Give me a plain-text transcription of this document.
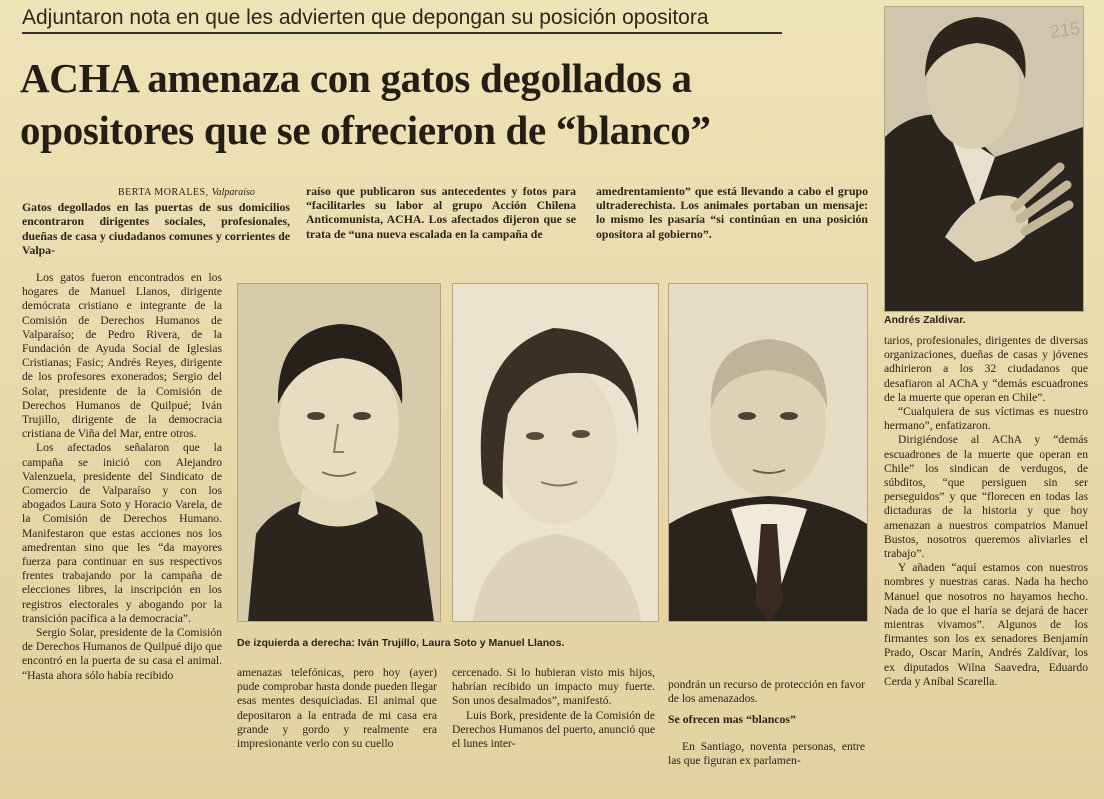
Adjuntaron nota en que les advierten que depongan su posición opositora
ACHA amenaza con gatos degollados a
opositores que se ofrecieron de “blanco”
BERTA MORALES, Valparaíso
Gatos degollados en las puertas de sus domicilios encontraron dirigentes sociales, profesionales, dueñas de casa y ciudadanos comunes y corrientes de Valpa-
raíso que publicaron sus antecedentes y fotos para “facilitarles su labor al grupo Acción Chilena Anticomunista, ACHA. Los afectados dijeron que se trata de “una nueva escalada en la campaña de
amedrentamiento” que está llevando a cabo el grupo ultraderechista. Los animales portaban un mensaje: lo mismo les pasaría “si continúan en una posición opositora al gobierno”.

Los gatos fueron encontrados en los hogares de Manuel Llanos, dirigente demócrata cristiano e integrante de la Comisión de Derechos Humanos de Valparaíso; de Pedro Rivera, de la Fundación de Ayuda Social de Iglesias Cristianas; Fasic; Andrés Reyes, dirigente de los profesores exonerados; Sergio del Solar, presidente de la Comisión de Derechos Humanos de Quilpué; Iván Trujillo, dirigente de la democracia cristiana de Viña del Mar, entre otros.

Los afectados señalaron que la campaña se inició con Alejandro Valenzuela, presidente del Sindicato de Comercio de Valparaíso y con los abogados Laura Soto y Horacio Varela, de la Comisión de Derechos Humano. Manifestaron que estas acciones nos los amedrentan sino que les “da mayores fuerza para continuar en sus respectivos frentes trabajando por la campaña de elecciones libres, la inscripción en los registros electorales y abogando por la transición pacífica a la democracia”.

Sergio Solar, presidente de la Comisión de Derechos Humanos de Quilpué dijo que encontró en la puerta de su casa el animal. “Hasta ahora sólo había recibido

De izquierda a derecha: Iván Trujillo, Laura Soto y Manuel Llanos.

amenazas telefónicas, pero hoy (ayer) pude comprobar hasta donde pueden llegar esas mentes desquiciadas. El animal que depositaron a la entrada de mi casa era grande y gordo y realmente era impresionante verlo con su cuello

cercenado. Si lo hubieran visto mis hijos, habrían recibido un impacto muy fuerte. Son unos desalmados”, manifestó.

Luis Bork, presidente de la Comisión de Derechos Humanos del puerto, anunció que el lunes inter-

pondrán un recurso de protección en favor de los amenazados.

Se ofrecen mas “blancos”

En Santiago, noventa personas, entre las que figuran ex parlamen-

Andrés Zaldivar.
215

tarios, profesionales, dirigentes de diversas organizaciones, dueñas de casas y jóvenes adhirieron a los 32 ciudadanos que desafiaron al AChA y “demás escuadrones de la muerte que operan en Chile”.

“Cualquiera de sus víctimas es nuestro hermano”, enfatizaron.

Dirigiéndose al AChA y “demás escuadrones de la muerte que operan en Chile” los sindican de verdugos, de súbditos, “que persiguen sin ser perseguidos” y que “florecen en todas las dictaduras de la historia y que hoy amenazan a nuestros compatrios Manuel Bustos, nosotros queremos aliviarles el trabajo”.

Y añaden “aquí estamos con nuestros nombres y nuestras caras. Nada ha hecho Manuel que nosotros no hayamos hecho. Nada de lo que el haría se dejará de hacer mientras vivamos”. Algunos de los firmantes son los ex senadores Benjamín Prado, Oscar Marín, Andrés Zaldívar, los ex diputados Wilna Saavedra, Eduardo Cerda y Aníbal Scarella.
